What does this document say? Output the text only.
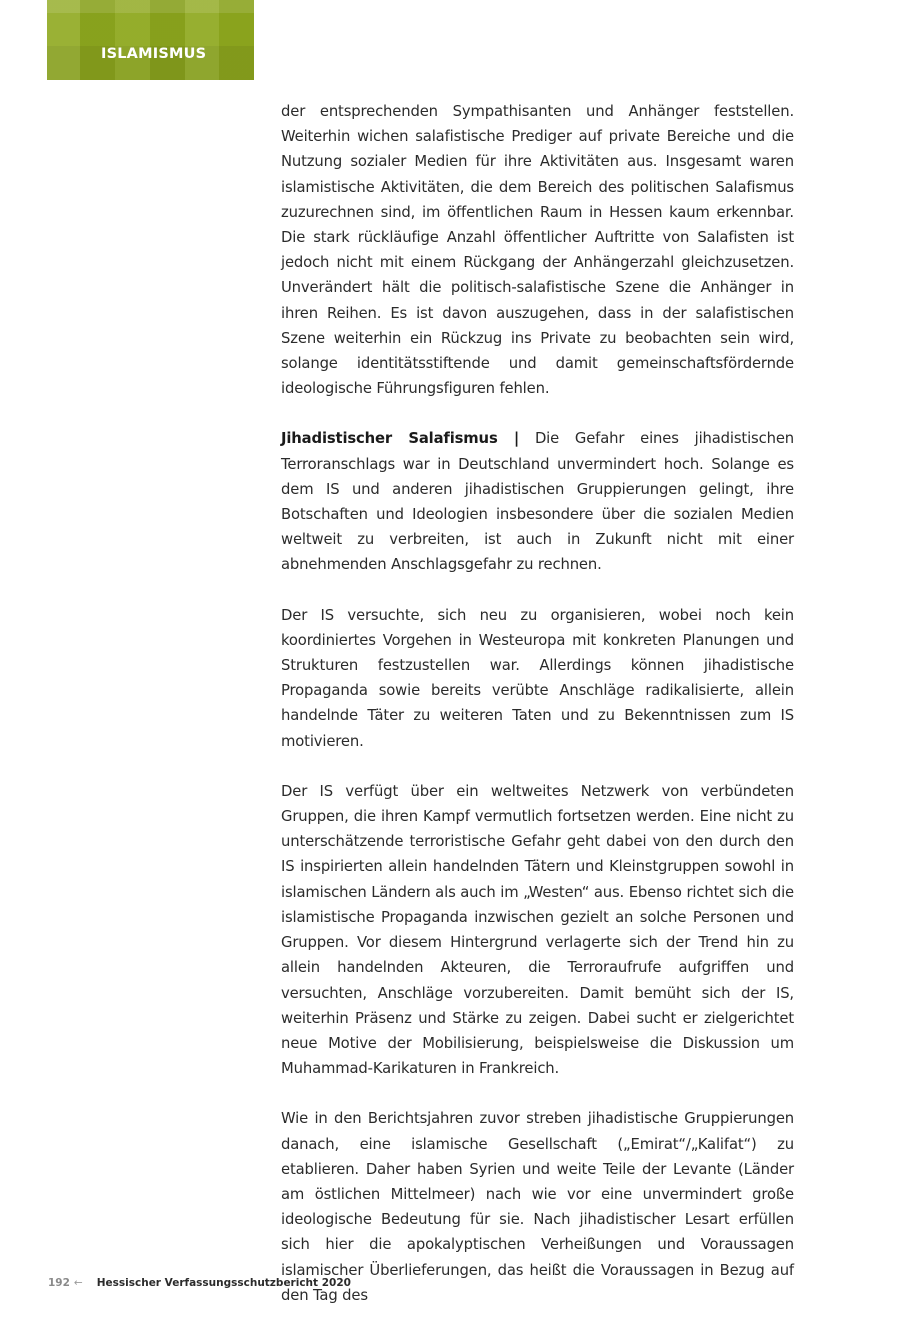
ISLAMISMUS

der entsprechenden Sympathisanten und Anhänger feststellen. Weiterhin wichen salafistische Prediger auf private Bereiche und die Nutzung sozialer Medien für ihre Aktivitäten aus. Insgesamt waren islamistische Aktivitäten, die dem Bereich des politischen Salafismus zuzurechnen sind, im öffentlichen Raum in Hessen kaum erkennbar. Die stark rückläufige Anzahl öffentlicher Auftritte von Salafisten ist jedoch nicht mit einem Rückgang der Anhängerzahl gleichzusetzen. Unverändert hält die politisch-salafistische Szene die Anhänger in ihren Reihen. Es ist davon auszugehen, dass in der salafistischen Szene weiterhin ein Rückzug ins Private zu beobachten sein wird, solange identitätsstiftende und damit gemeinschaftsfördernde ideologische Führungsfiguren fehlen.

Jihadistischer Salafismus | Die Gefahr eines jihadistischen Terroranschlags war in Deutschland unvermindert hoch. Solange es dem IS und anderen jihadistischen Gruppierungen gelingt, ihre Botschaften und Ideologien insbesondere über die sozialen Medien weltweit zu verbreiten, ist auch in Zukunft nicht mit einer abnehmenden Anschlagsgefahr zu rechnen.

Der IS versuchte, sich neu zu organisieren, wobei noch kein koordiniertes Vorgehen in Westeuropa mit konkreten Planungen und Strukturen festzustellen war. Allerdings können jihadistische Propaganda sowie bereits verübte Anschläge radikalisierte, allein handelnde Täter zu weiteren Taten und zu Bekenntnissen zum IS motivieren.

Der IS verfügt über ein weltweites Netzwerk von verbündeten Gruppen, die ihren Kampf vermutlich fortsetzen werden. Eine nicht zu unterschätzende terroristische Gefahr geht dabei von den durch den IS inspirierten allein handelnden Tätern und Kleinstgruppen sowohl in islamischen Ländern als auch im „Westen“ aus. Ebenso richtet sich die islamistische Propaganda inzwischen gezielt an solche Personen und Gruppen. Vor diesem Hintergrund verlagerte sich der Trend hin zu allein handelnden Akteuren, die Terroraufrufe aufgriffen und versuchten, Anschläge vorzubereiten. Damit bemüht sich der IS, weiterhin Präsenz und Stärke zu zeigen. Dabei sucht er zielgerichtet neue Motive der Mobilisierung, beispielsweise die Diskussion um Muhammad-Karikaturen in Frankreich.

Wie in den Berichtsjahren zuvor streben jihadistische Gruppierungen danach, eine islamische Gesellschaft („Emirat“/„Kalifat“) zu etablieren. Daher haben Syrien und weite Teile der Levante (Länder am östlichen Mittelmeer) nach wie vor eine unvermindert große ideologische Bedeutung für sie. Nach jihadistischer Lesart erfüllen sich hier die apokalyptischen Verheißungen und Voraussagen islamischer Überlieferungen, das heißt die Voraussagen in Bezug auf den Tag des

192 ← Hessischer Verfassungsschutzbericht 2020
